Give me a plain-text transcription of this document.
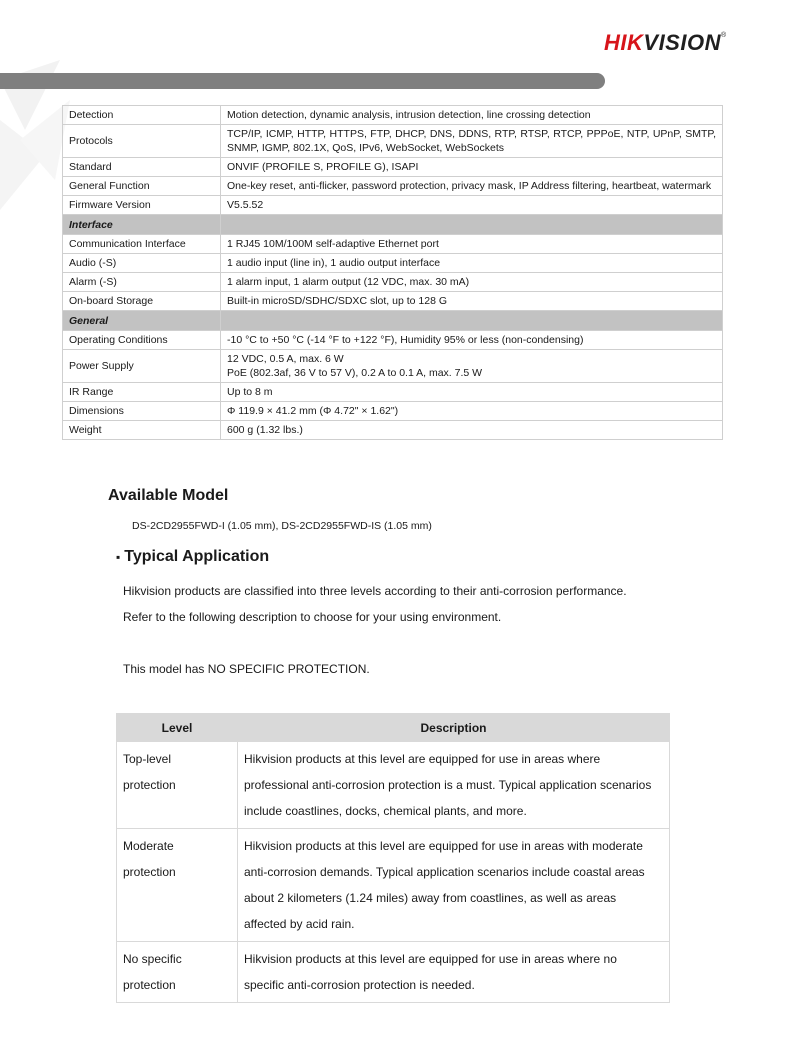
HIKVISION®
Detection	Motion detection, dynamic analysis, intrusion detection, line crossing detection

Protocols	TCP/IP, ICMP, HTTP, HTTPS, FTP, DHCP, DNS, DDNS, RTP, RTSP, RTCP, PPPoE, NTP, UPnP, SMTP, SNMP, IGMP, 802.1X, QoS, IPv6, WebSocket, WebSockets

Standard	ONVIF (PROFILE S, PROFILE G), ISAPI

General Function	One-key reset, anti-flicker, password protection, privacy mask, IP Address filtering, heartbeat, watermark

Firmware Version	V5.5.52

Interface	
Communication Interface	1 RJ45 10M/100M self-adaptive Ethernet port

Audio (-S)	1 audio input (line in), 1 audio output interface

Alarm (-S)	1 alarm input, 1 alarm output (12 VDC, max. 30 mA)

On-board Storage	Built-in microSD/SDHC/SDXC slot, up to 128 G

General	
Operating Conditions	-10 °C to +50 °C (-14 °F to +122 °F), Humidity 95% or less (non-condensing)

Power Supply	12 VDC, 0.5 A, max. 6 W
PoE (802.3af, 36 V to 57 V), 0.2 A to 0.1 A, max. 7.5 W

IR Range	Up to 8 m

Dimensions	Φ 119.9 × 41.2 mm (Φ 4.72" × 1.62")

Weight	600 g (1.32 lbs.)
Available Model
DS-2CD2955FWD-I (1.05 mm), DS-2CD2955FWD-IS (1.05 mm)
▪ Typical Application
Hikvision products are classified into three levels according to their anti-corrosion performance.
Refer to the following description to choose for your using environment.
This model has NO SPECIFIC PROTECTION.
Level	Description

Top-level
protection	Hikvision products at this level are equipped for use in areas where
professional anti-corrosion protection is a must. Typical application scenarios
include coastlines, docks, chemical plants, and more.

Moderate
protection	Hikvision products at this level are equipped for use in areas with moderate
anti-corrosion demands. Typical application scenarios include coastal areas
about 2 kilometers (1.24 miles) away from coastlines, as well as areas
affected by acid rain.

No specific
protection	Hikvision products at this level are equipped for use in areas where no
specific anti-corrosion protection is needed.
